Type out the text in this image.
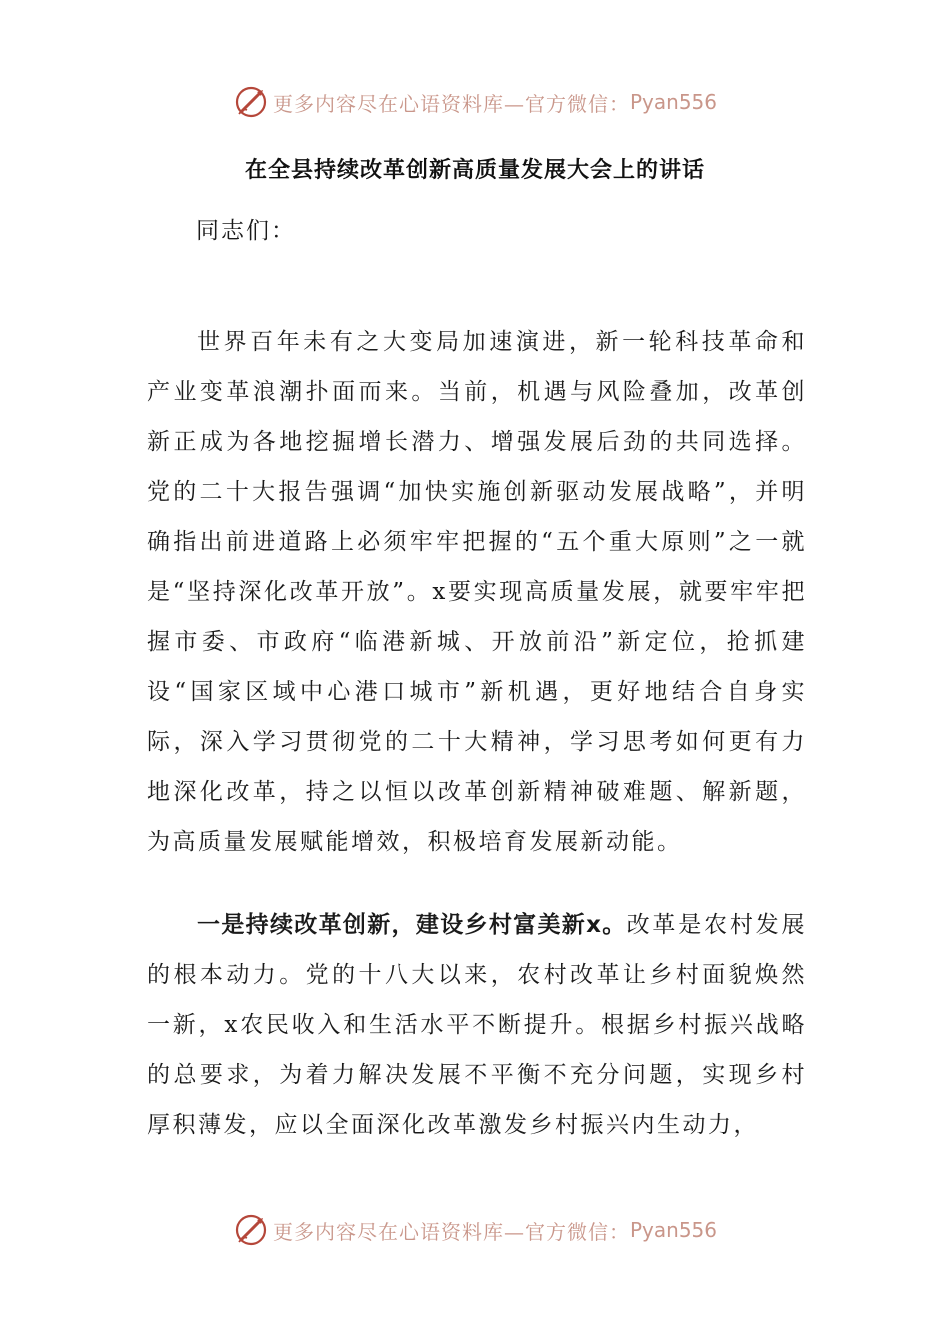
更多内容尽在心语资料库—官方微信： Pyan556
在全县持续改革创新高质量发展大会上的讲话
同志们：

世界百年未有之大变局加速演进，新一轮科技革命和产业变革浪潮扑面而来。当前，机遇与风险叠加，改革创新正成为各地挖掘增长潜力、增强发展后劲的共同选择。党的二十大报告强调“加快实施创新驱动发展战略”，并明确指出前进道路上必须牢牢把握的“五个重大原则”之一就是“坚持深化改革开放”。x要实现高质量发展，就要牢牢把握市委、市政府“临港新城、开放前沿”新定位，抢抓建设“国家区域中心港口城市”新机遇，更好地结合自身实际，深入学习贯彻党的二十大精神，学习思考如何更有力地深化改革，持之以恒以改革创新精神破难题、解新题，为高质量发展赋能增效，积极培育发展新动能。

一是持续改革创新，建设乡村富美新x。改革是农村发展的根本动力。党的十八大以来，农村改革让乡村面貌焕然一新，x农民收入和生活水平不断提升。根据乡村振兴战略的总要求，为着力解决发展不平衡不充分问题，实现乡村厚积薄发，应以全面深化改革激发乡村振兴内生动力，

更多内容尽在心语资料库—官方微信： Pyan556
